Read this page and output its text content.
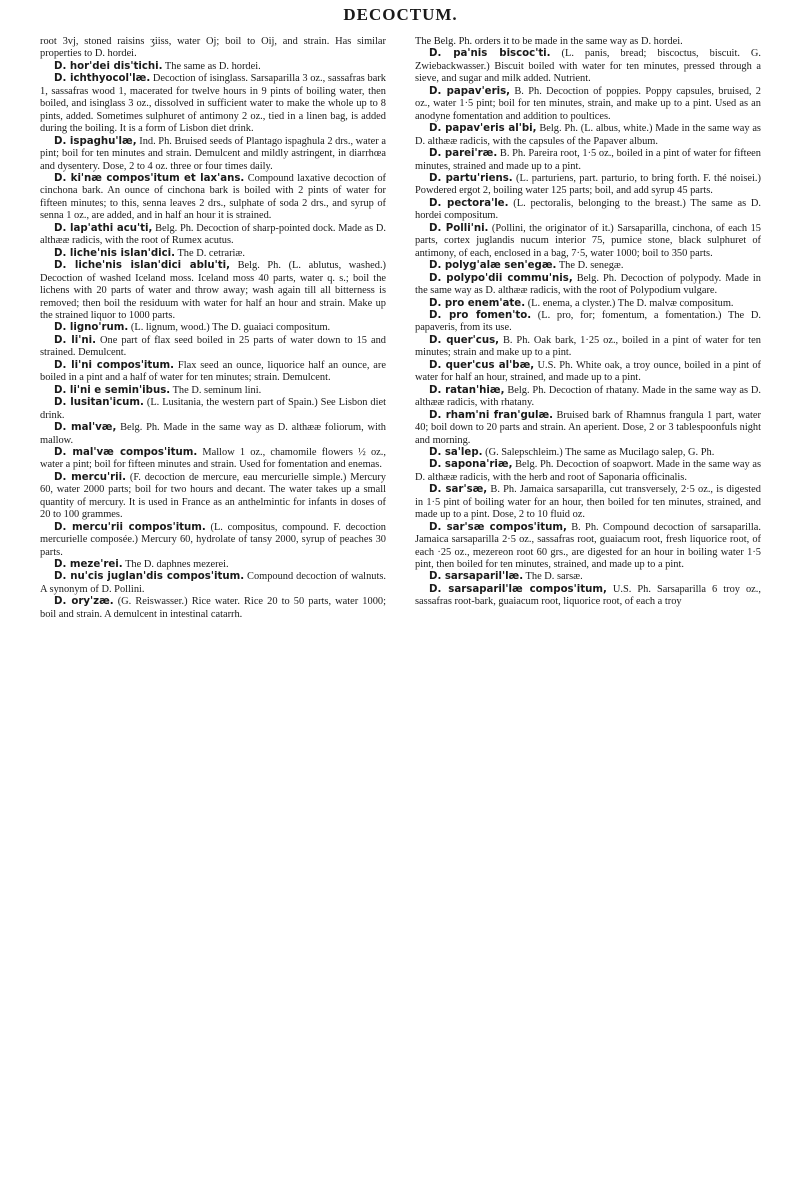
DECOCTUM.

root 3vj, stoned raisins ʒiiss, water Oj; boil to Oij, and strain. Has similar properties to D. hordei.

D. hor'dei dis'tichi. The same as D. hordei.

D. ichthyocol'læ. Decoction of isinglass. Sarsaparilla 3 oz., sassafras bark 1, sassafras wood 1, macerated for twelve hours in 9 pints of boiling water, then boiled, and isinglass 3 oz., dissolved in sufficient water to make the whole up to 8 pints, added. Sometimes sulphuret of antimony 2 oz., tied in a linen bag, is added during the boiling. It is a form of Lisbon diet drink.

D. ispaghu'læ, Ind. Ph. Bruised seeds of Plantago ispaghula 2 drs., water a pint; boil for ten minutes and strain. Demulcent and mildly astringent, in diarrhœa and dysentery. Dose, 2 to 4 oz. three or four times daily.

D. ki'næ compos'itum et lax'ans. Compound laxative decoction of cinchona bark. An ounce of cinchona bark is boiled with 2 pints of water for fifteen minutes; to this, senna leaves 2 drs., sulphate of soda 2 drs., and syrup of senna 1 oz., are added, and in half an hour it is strained.

D. lap'athi acu'ti, Belg. Ph. Decoction of sharp-pointed dock. Made as D. althææ radicis, with the root of Rumex acutus.

D. liche'nis islan'dici. The D. cetrariæ.

D. liche'nis islan'dici ablu'ti, Belg. Ph. (L. ablutus, washed.) Decoction of washed Iceland moss. Iceland moss 40 parts, water q. s.; boil the lichens with 20 parts of water and throw away; wash again till all bitterness is removed; then boil the residuum with water for half an hour and strain. Make up the strained liquor to 1000 parts.

D. ligno'rum. (L. lignum, wood.) The D. guaiaci compositum.

D. li'ni. One part of flax seed boiled in 25 parts of water down to 15 and strained. Demulcent.

D. li'ni compos'itum. Flax seed an ounce, liquorice half an ounce, are boiled in a pint and a half of water for ten minutes; strain. Demulcent.

D. li'ni e semin'ibus. The D. seminum lini.

D. lusitan'icum. (L. Lusitania, the western part of Spain.) See Lisbon diet drink.

D. mal'væ, Belg. Ph. Made in the same way as D. althææ foliorum, with mallow.

D. mal'væ compos'itum. Mallow 1 oz., chamomile flowers ½ oz., water a pint; boil for fifteen minutes and strain. Used for fomentation and enemas.

D. mercu'rii. (F. decoction de mercure, eau mercurielle simple.) Mercury 60, water 2000 parts; boil for two hours and decant. The water takes up a small quantity of mercury. It is used in France as an anthelmintic for infants in doses of 20 to 100 grammes.

D. mercu'rii compos'itum. (L. compositus, compound. F. decoction mercurielle composée.) Mercury 60, hydrolate of tansy 2000, syrup of peaches 30 parts.

D. meze'rei. The D. daphnes mezerei.

D. nu'cis juglan'dis compos'itum. Compound decoction of walnuts. A synonym of D. Pollini.

D. ory'zæ. (G. Reiswasser.) Rice water. Rice 20 to 50 parts, water 1000; boil and strain. A demulcent in intestinal catarrh.

The Belg. Ph. orders it to be made in the same way as D. hordei.

D. pa'nis biscoc'ti. (L. panis, bread; biscoctus, biscuit. G. Zwiebackwasser.) Biscuit boiled with water for ten minutes, pressed through a sieve, and sugar and milk added. Nutrient.

D. papav'eris, B. Ph. Decoction of poppies. Poppy capsules, bruised, 2 oz., water 1·5 pint; boil for ten minutes, strain, and make up to a pint. Used as an anodyne fomentation and addition to poultices.

D. papav'eris al'bi, Belg. Ph. (L. albus, white.) Made in the same way as D. althææ radicis, with the capsules of the Papaver album.

D. parei'ræ. B. Ph. Pareira root, 1·5 oz., boiled in a pint of water for fifteen minutes, strained and made up to a pint.

D. partu'riens. (L. parturiens, part. parturio, to bring forth. F. thé noisei.) Powdered ergot 2, boiling water 125 parts; boil, and add syrup 45 parts.

D. pectora'le. (L. pectoralis, belonging to the breast.) The same as D. hordei compositum.

D. Polli'ni. (Pollini, the originator of it.) Sarsaparilla, cinchona, of each 15 parts, cortex juglandis nucum interior 75, pumice stone, black sulphuret of antimony, of each, enclosed in a bag, 7·5, water 1000; boil to 350 parts.

D. polyg'alæ sen'egæ. The D. senegæ.

D. polypo'dii commu'nis, Belg. Ph. Decoction of polypody. Made in the same way as D. althææ radicis, with the root of Polypodium vulgare.

D. pro enem'ate. (L. enema, a clyster.) The D. malvæ compositum.

D. pro fomen'to. (L. pro, for; fomentum, a fomentation.) The D. papaveris, from its use.

D. quer'cus, B. Ph. Oak bark, 1·25 oz., boiled in a pint of water for ten minutes; strain and make up to a pint.

D. quer'cus al'bæ, U.S. Ph. White oak, a troy ounce, boiled in a pint of water for half an hour, strained, and made up to a pint.

D. ratan'hiæ, Belg. Ph. Decoction of rhatany. Made in the same way as D. althææ radicis, with rhatany.

D. rham'ni fran'gulæ. Bruised bark of Rhamnus frangula 1 part, water 40; boil down to 20 parts and strain. An aperient. Dose, 2 or 3 tablespoonfuls night and morning.

D. sa'lep. (G. Salepschleim.) The same as Mucilago salep, G. Ph.

D. sapona'riæ, Belg. Ph. Decoction of soapwort. Made in the same way as D. althææ radicis, with the herb and root of Saponaria officinalis.

D. sar'sæ, B. Ph. Jamaica sarsaparilla, cut transversely, 2·5 oz., is digested in 1·5 pint of boiling water for an hour, then boiled for ten minutes, strained, and made up to a pint. Dose, 2 to 10 fluid oz.

D. sar'sæ compos'itum, B. Ph. Compound decoction of sarsaparilla. Jamaica sarsaparilla 2·5 oz., sassafras root, guaiacum root, fresh liquorice root, of each ·25 oz., mezereon root 60 grs., are digested for an hour in boiling water 1·5 pint, then boiled for ten minutes, strained, and made up to a pint.

D. sarsaparil'læ. The D. sarsæ.

D. sarsaparil'læ compos'itum, U.S. Ph. Sarsaparilla 6 troy oz., sassafras root-bark, guaiacum root, liquorice root, of each a troy
